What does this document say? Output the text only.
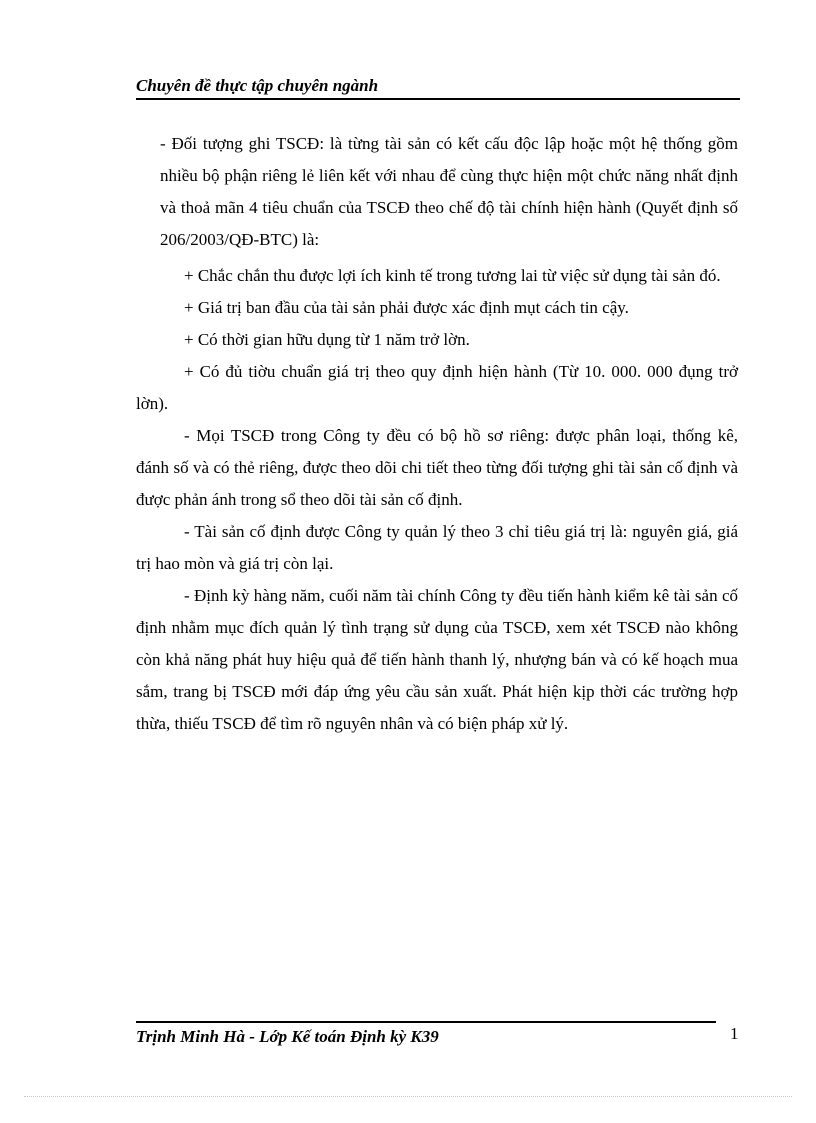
Chuyên đề thực tập chuyên ngành

- Đối tượng ghi TSCĐ: là từng tài sản có kết cấu độc lập hoặc một hệ thống gồm nhiều bộ phận riêng lẻ liên kết với nhau để cùng thực hiện một chức năng nhất định và thoả mãn 4 tiêu chuẩn của TSCĐ theo chế độ tài chính hiện hành (Quyết định số 206/2003/QĐ-BTC) là:

+ Chắc chắn thu được lợi ích kinh tế trong tương lai từ việc sử dụng tài sản đó.

+ Giá trị ban đầu của tài sản phải được xác định mụt cách tin cậy.

+ Có thời gian hữu dụng từ 1 năm trở lờn.

+ Có đủ tiờu chuẩn giá trị theo quy định hiện hành (Từ 10. 000. 000 đụng trở lờn).

- Mọi TSCĐ trong Công ty đều có bộ hồ sơ riêng: được phân loại, thống kê, đánh số và có thẻ riêng, được theo dõi chi tiết theo từng đối tượng ghi tài sản cố định và được phản ánh trong sổ theo dõi tài sản cố định.

- Tài sản cố định được Công ty quản lý theo 3 chỉ tiêu giá trị là: nguyên giá, giá trị hao mòn và giá trị còn lại.

- Định kỳ hàng năm, cuối năm tài chính Công ty đều tiến hành kiểm kê tài sản cố định nhằm mục đích quản lý tình trạng sử dụng của TSCĐ, xem xét TSCĐ nào không còn khả năng phát huy hiệu quả để tiến hành thanh lý, nhượng bán và có kế hoạch mua sắm, trang bị TSCĐ mới đáp ứng yêu cầu sản xuất. Phát hiện kịp thời các trường hợp thừa, thiếu TSCĐ để tìm rõ nguyên nhân và có biện pháp xử lý.

Trịnh Minh Hà - Lớp Kế toán Định kỳ K39	1
